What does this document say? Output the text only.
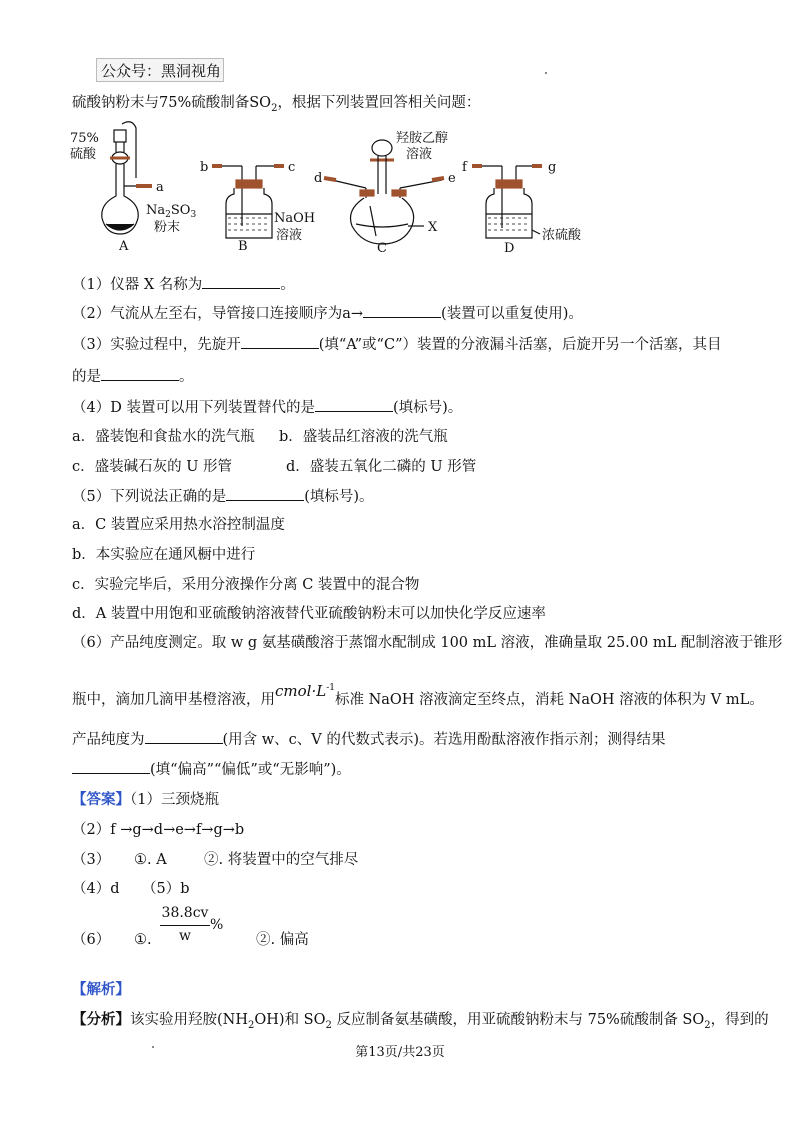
公众号：黑洞视角
硫酸钠粉末与75%硫酸制备$SO_2$，根据下列装置回答相关问题：
75%
硫酸
a
$Na_2SO_3$
粉末
A
b	c
NaOH
溶液
B
羟胺乙醇
溶液
d	e
X
C
f	g
浓硫酸
D
（1）仪器 X 名称为	。
（2）气流从左至右，导管接口连接顺序为a→	(装置可以重复使用)。
（3）实验过程中，先旋开	(填“A”或“C”）装置的分液漏斗活塞，后旋开另一个活塞，其目
的是	。
（4）D 装置可以用下列装置替代的是	(填标号)。
a．盛装饱和食盐水的洗气瓶 b．盛装品红溶液的洗气瓶
c．盛装碱石灰的 U 形管	d．盛装五氧化二磷的 U 形管
（5）下列说法正确的是	(填标号)。
a．C 装置应采用热水浴控制温度
b．本实验应在通风橱中进行
c．实验完毕后，采用分液操作分离 C 装置中的混合物
d．A 装置中用饱和亚硫酸钠溶液替代亚硫酸钠粉末可以加快化学反应速率
（6）产品纯度测定。取 w g 氨基磺酸溶于蒸馏水配制成 100 mL 溶液，准确量取 25.00 mL 配制溶液于锥形
瓶中，滴加几滴甲基橙溶液，用$cmol\cdot L^{-1}$标准 NaOH 溶液滴定至终点，消耗 NaOH 溶液的体积为 V mL。
产品纯度为	(用含 w、c、V 的代数式表示)。若选用酚酞溶液作指示剂；测得结果
(填“偏高”“偏低”或“无影响”)。
【答案】（1）三颈烧瓶
（2）f →g→d→e→f→g→b
（3） ①. A	②. 将装置中的空气排尽
（4）d （5）b
（6） ①.	②. 偏高
38.8cv
w
%
【解析】
【分析】该实验用羟胺$(NH_2OH)$和 $SO_2$ 反应制备氨基磺酸，用亚硫酸钠粉末与 75%硫酸制备 $SO_2$，得到的
第13页/共23页
